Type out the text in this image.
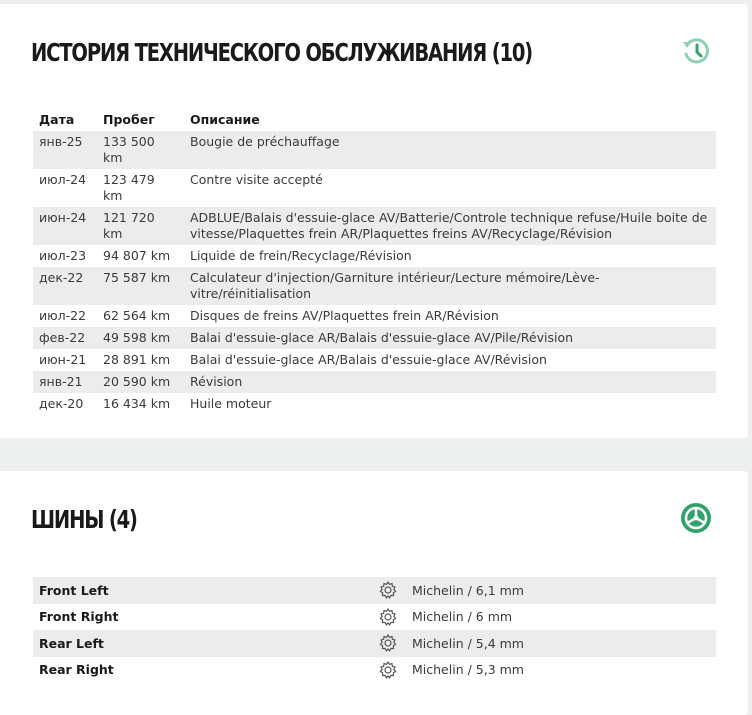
ИСТОРИЯ ТЕХНИЧЕСКОГО ОБСЛУЖИВАНИЯ (10)
Дата	Пробег	Описание
янв-25	133 500 km	Bougie de préchauffage
июл-24	123 479 km	Contre visite accepté
июн-24	121 720 km	ADBLUE/Balais d'essuie-glace AV/Batterie/Controle technique refuse/Huile boite de vitesse/Plaquettes frein AR/Plaquettes freins AV/Recyclage/Révision
июл-23	94 807 km	Liquide de frein/Recyclage/Révision
дек-22	75 587 km	Calculateur d'injection/Garniture intérieur/Lecture mémoire/Lève-vitre/réinitialisation
июл-22	62 564 km	Disques de freins AV/Plaquettes frein AR/Révision
фев-22	49 598 km	Balai d'essuie-glace AR/Balais d'essuie-glace AV/Pile/Révision
июн-21	28 891 km	Balai d'essuie-glace AR/Balais d'essuie-glace AV/Révision
янв-21	20 590 km	Révision
дек-20	16 434 km	Huile moteur
ШИНЫ (4)
Front Left	Michelin / 6,1 mm
Front Right	Michelin / 6 mm
Rear Left	Michelin / 5,4 mm
Rear Right	Michelin / 5,3 mm
